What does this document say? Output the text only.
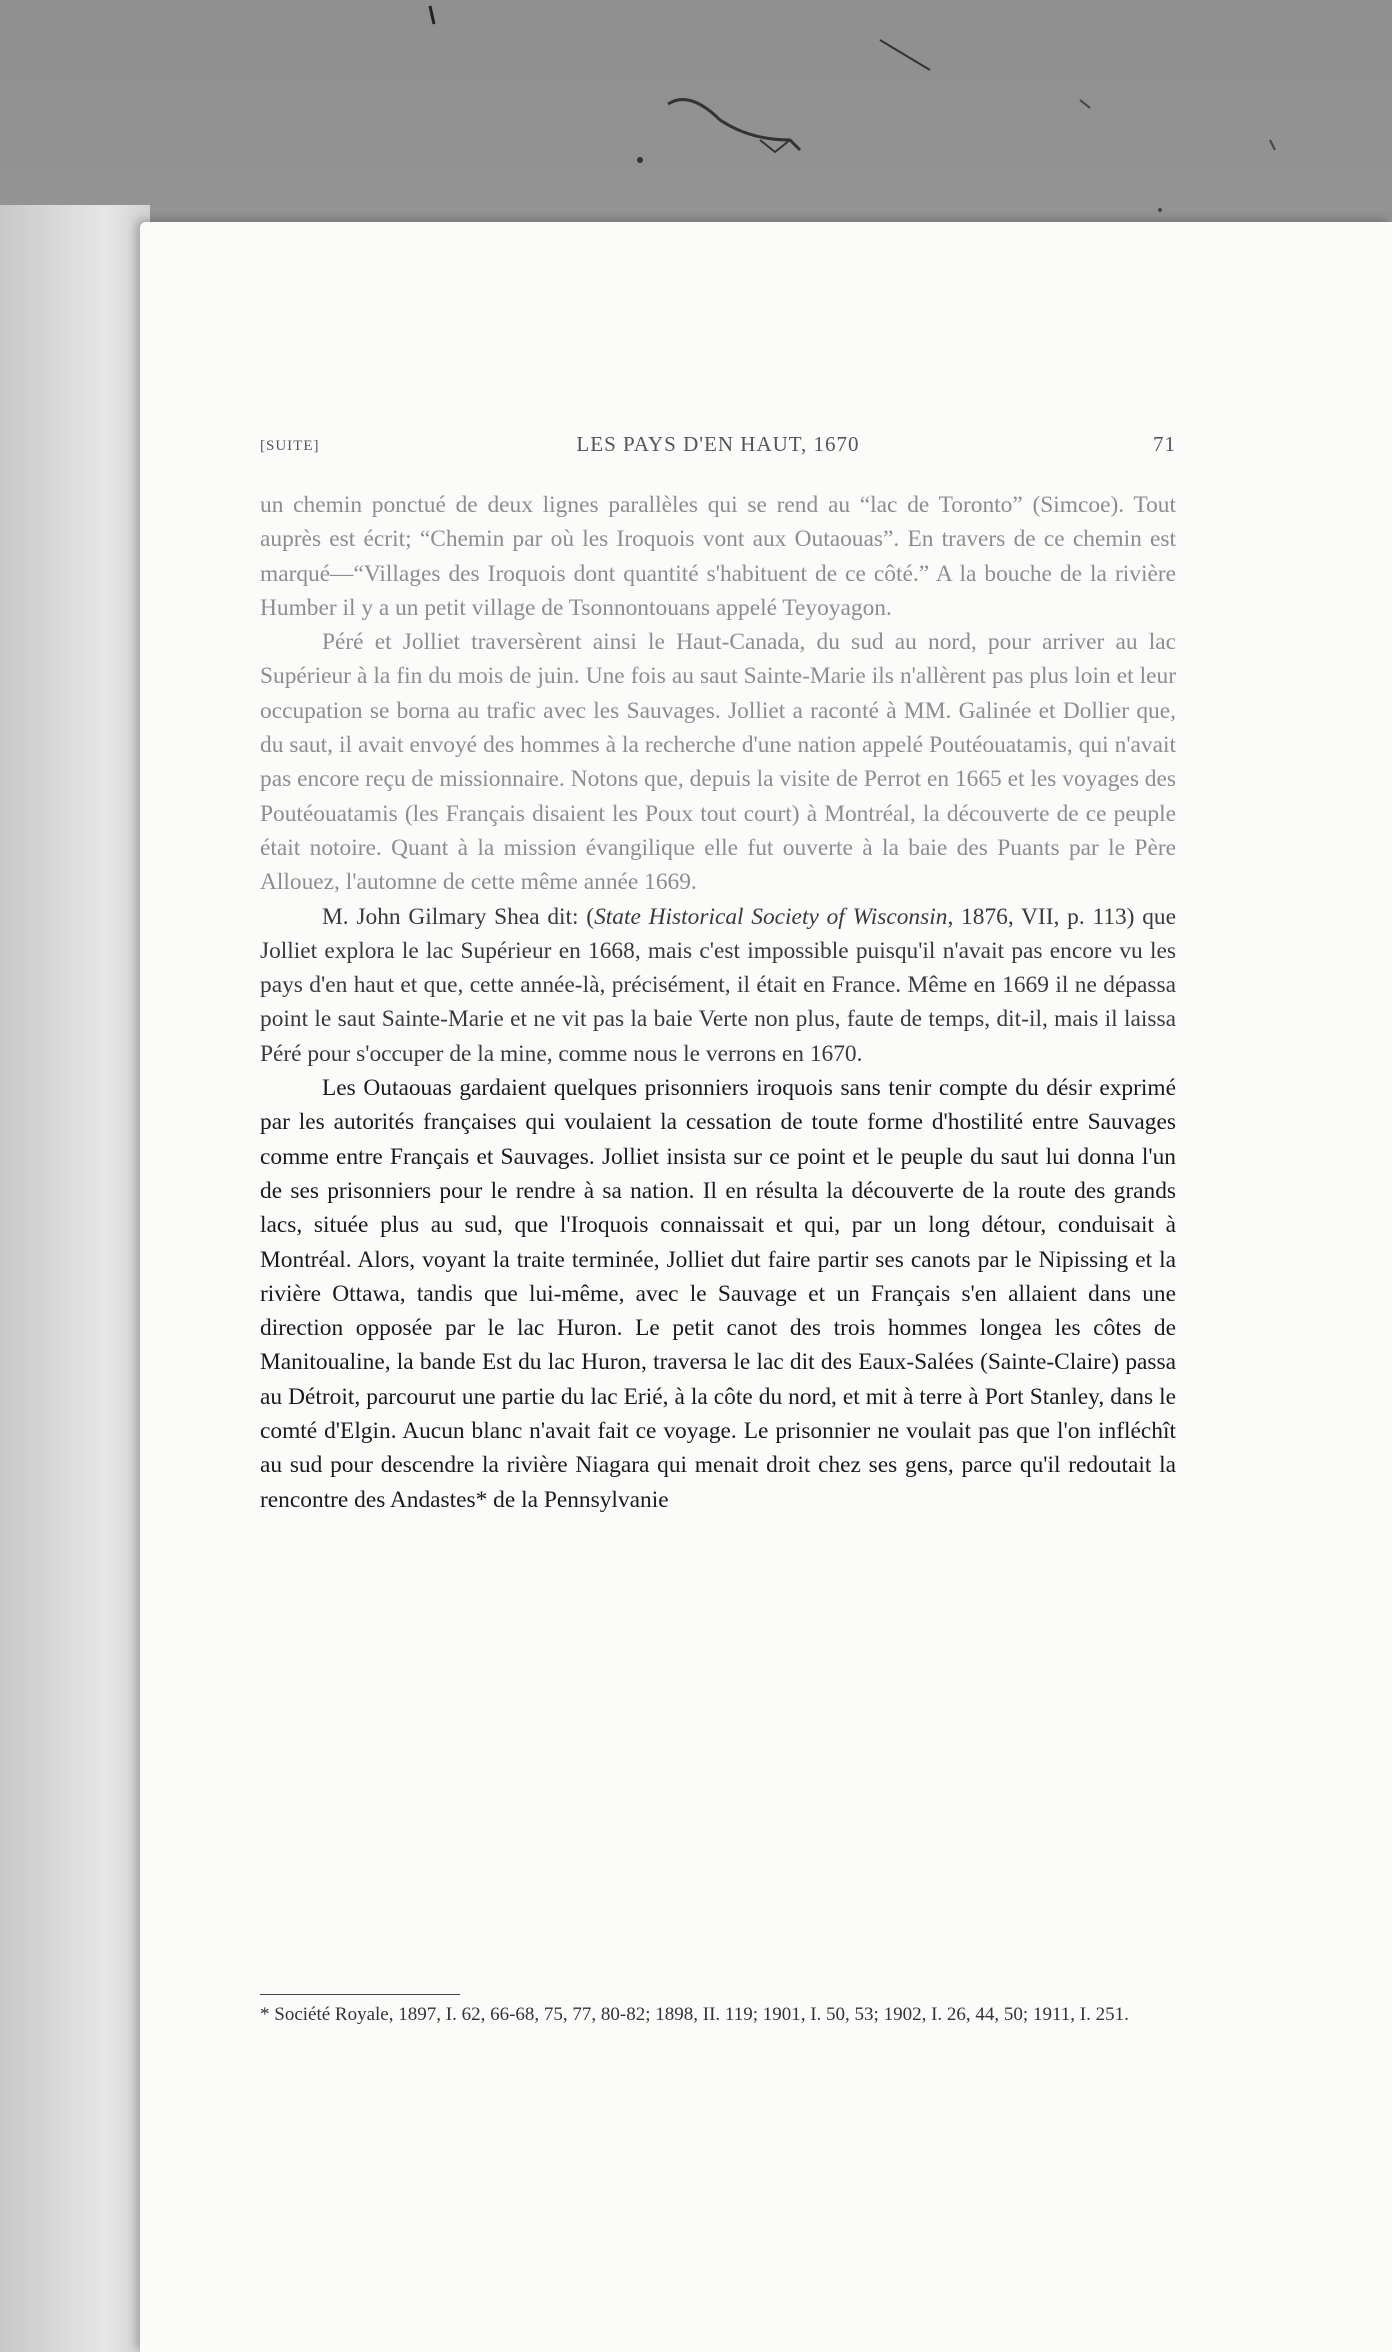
[SUITE]	LES PAYS D'EN HAUT, 1670	71

un chemin ponctué de deux lignes parallèles qui se rend au “lac de Toronto” (Simcoe). Tout auprès est écrit; “Chemin par où les Iroquois vont aux Outaouas”. En travers de ce chemin est marqué—“Villages des Iroquois dont quantité s'habituent de ce côté.” A la bouche de la rivière Humber il y a un petit village de Tsonnontouans appelé Teyoyagon.

Péré et Jolliet traversèrent ainsi le Haut-Canada, du sud au nord, pour arriver au lac Supérieur à la fin du mois de juin. Une fois au saut Sainte-Marie ils n'allèrent pas plus loin et leur occupation se borna au trafic avec les Sauvages. Jolliet a raconté à MM. Galinée et Dollier que, du saut, il avait envoyé des hommes à la recherche d'une nation appelé Poutéouatamis, qui n'avait pas encore reçu de missionnaire. Notons que, depuis la visite de Perrot en 1665 et les voyages des Poutéouatamis (les Français disaient les Poux tout court) à Montréal, la découverte de ce peuple était notoire. Quant à la mission évangilique elle fut ouverte à la baie des Puants par le Père Allouez, l'automne de cette même année 1669.

M. John Gilmary Shea dit: (State Historical Society of Wisconsin, 1876, VII, p. 113) que Jolliet explora le lac Supérieur en 1668, mais c'est impossible puisqu'il n'avait pas encore vu les pays d'en haut et que, cette année-là, précisément, il était en France. Même en 1669 il ne dépassa point le saut Sainte-Marie et ne vit pas la baie Verte non plus, faute de temps, dit-il, mais il laissa Péré pour s'occuper de la mine, comme nous le verrons en 1670.

Les Outaouas gardaient quelques prisonniers iroquois sans tenir compte du désir exprimé par les autorités françaises qui voulaient la cessation de toute forme d'hostilité entre Sauvages comme entre Français et Sauvages. Jolliet insista sur ce point et le peuple du saut lui donna l'un de ses prisonniers pour le rendre à sa nation. Il en résulta la découverte de la route des grands lacs, située plus au sud, que l'Iroquois connaissait et qui, par un long détour, conduisait à Montréal. Alors, voyant la traite terminée, Jolliet dut faire partir ses canots par le Nipissing et la rivière Ottawa, tandis que lui-même, avec le Sauvage et un Français s'en allaient dans une direction opposée par le lac Huron. Le petit canot des trois hommes longea les côtes de Manitoualine, la bande Est du lac Huron, traversa le lac dit des Eaux-Salées (Sainte-Claire) passa au Détroit, parcourut une partie du lac Erié, à la côte du nord, et mit à terre à Port Stanley, dans le comté d'Elgin. Aucun blanc n'avait fait ce voyage. Le prisonnier ne voulait pas que l'on infléchît au sud pour descendre la rivière Niagara qui menait droit chez ses gens, parce qu'il redoutait la rencontre des Andastes* de la Pennsylvanie

* Société Royale, 1897, I. 62, 66-68, 75, 77, 80-82; 1898, II. 119; 1901, I. 50, 53; 1902, I. 26, 44, 50; 1911, I. 251.
